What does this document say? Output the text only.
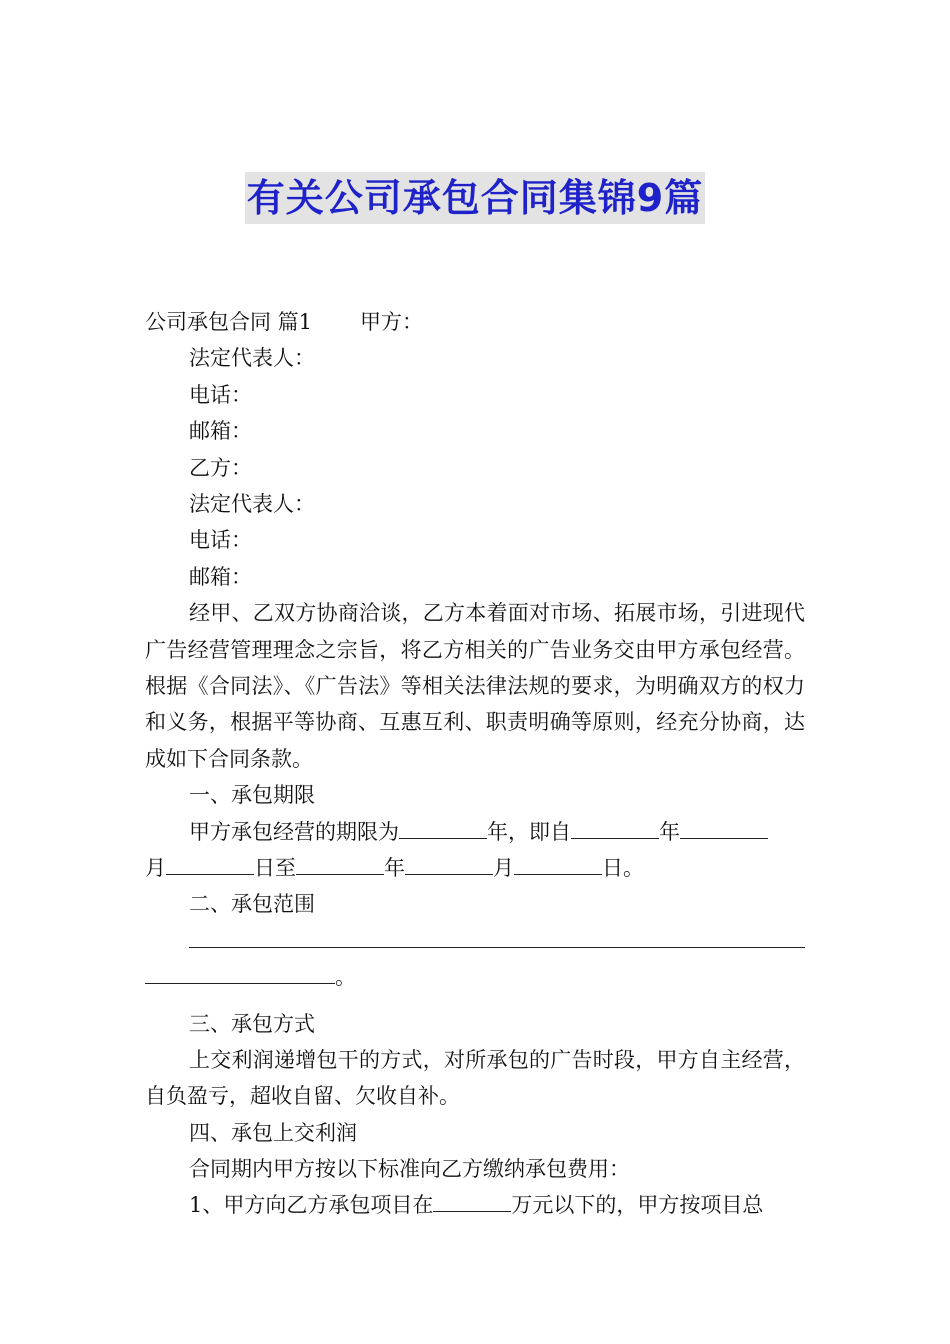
有关公司承包合同集锦9篇
公司承包合同 篇1 甲方：
法定代表人：
电话：
邮箱：
乙方：
法定代表人：
电话：
邮箱：
经甲、乙双方协商洽谈，乙方本着面对市场、拓展市场，引进现代广告经营管理理念之宗旨，将乙方相关的广告业务交由甲方承包经营。根据《合同法》、《广告法》等相关法律法规的要求，为明确双方的权力和义务，根据平等协商、互惠互利、职责明确等原则，经充分协商，达成如下合同条款。
一、承包期限
甲方承包经营的期限为	年，即自	年
月	日至	年	月	日。
二、承包范围
。
三、承包方式
上交利润递增包干的方式，对所承包的广告时段，甲方自主经营，自负盈亏，超收自留、欠收自补。
四、承包上交利润
合同期内甲方按以下标准向乙方缴纳承包费用：
1、甲方向乙方承包项目在	万元以下的，甲方按项目总
